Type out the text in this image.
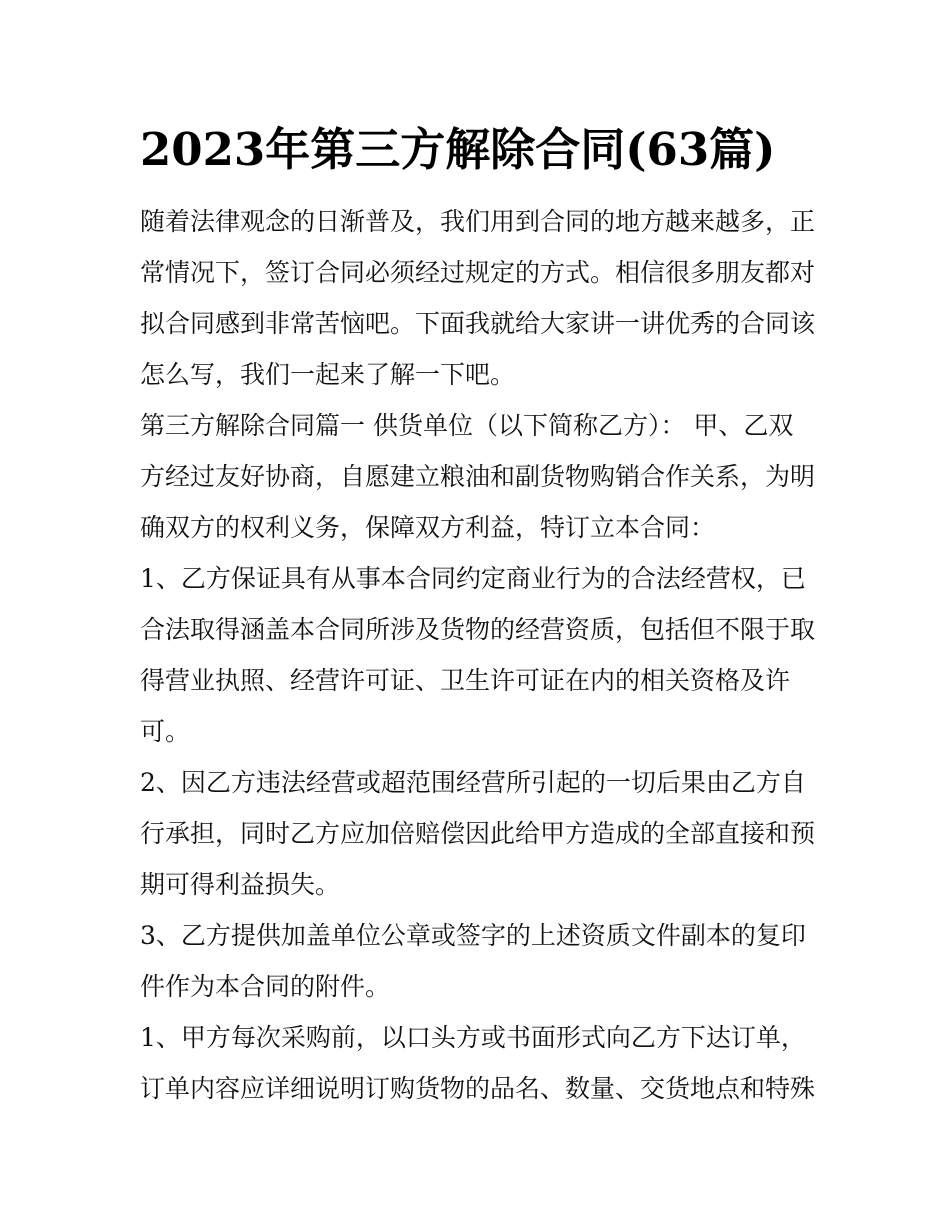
2023年第三方解除合同(63篇)
随着法律观念的日渐普及，我们用到合同的地方越来越多，正
常情况下，签订合同必须经过规定的方式。相信很多朋友都对
拟合同感到非常苦恼吧。下面我就给大家讲一讲优秀的合同该
怎么写，我们一起来了解一下吧。
第三方解除合同篇一 供货单位（以下简称乙方）： 甲、乙双
方经过友好协商，自愿建立粮油和副货物购销合作关系，为明
确双方的权利义务，保障双方利益，特订立本合同：
1、乙方保证具有从事本合同约定商业行为的合法经营权，已
合法取得涵盖本合同所涉及货物的经营资质，包括但不限于取
得营业执照、经营许可证、卫生许可证在内的相关资格及许
可。
2、因乙方违法经营或超范围经营所引起的一切后果由乙方自
行承担，同时乙方应加倍赔偿因此给甲方造成的全部直接和预
期可得利益损失。
3、乙方提供加盖单位公章或签字的上述资质文件副本的复印
件作为本合同的附件。
1、甲方每次采购前，以口头方或书面形式向乙方下达订单，
订单内容应详细说明订购货物的品名、数量、交货地点和特殊
